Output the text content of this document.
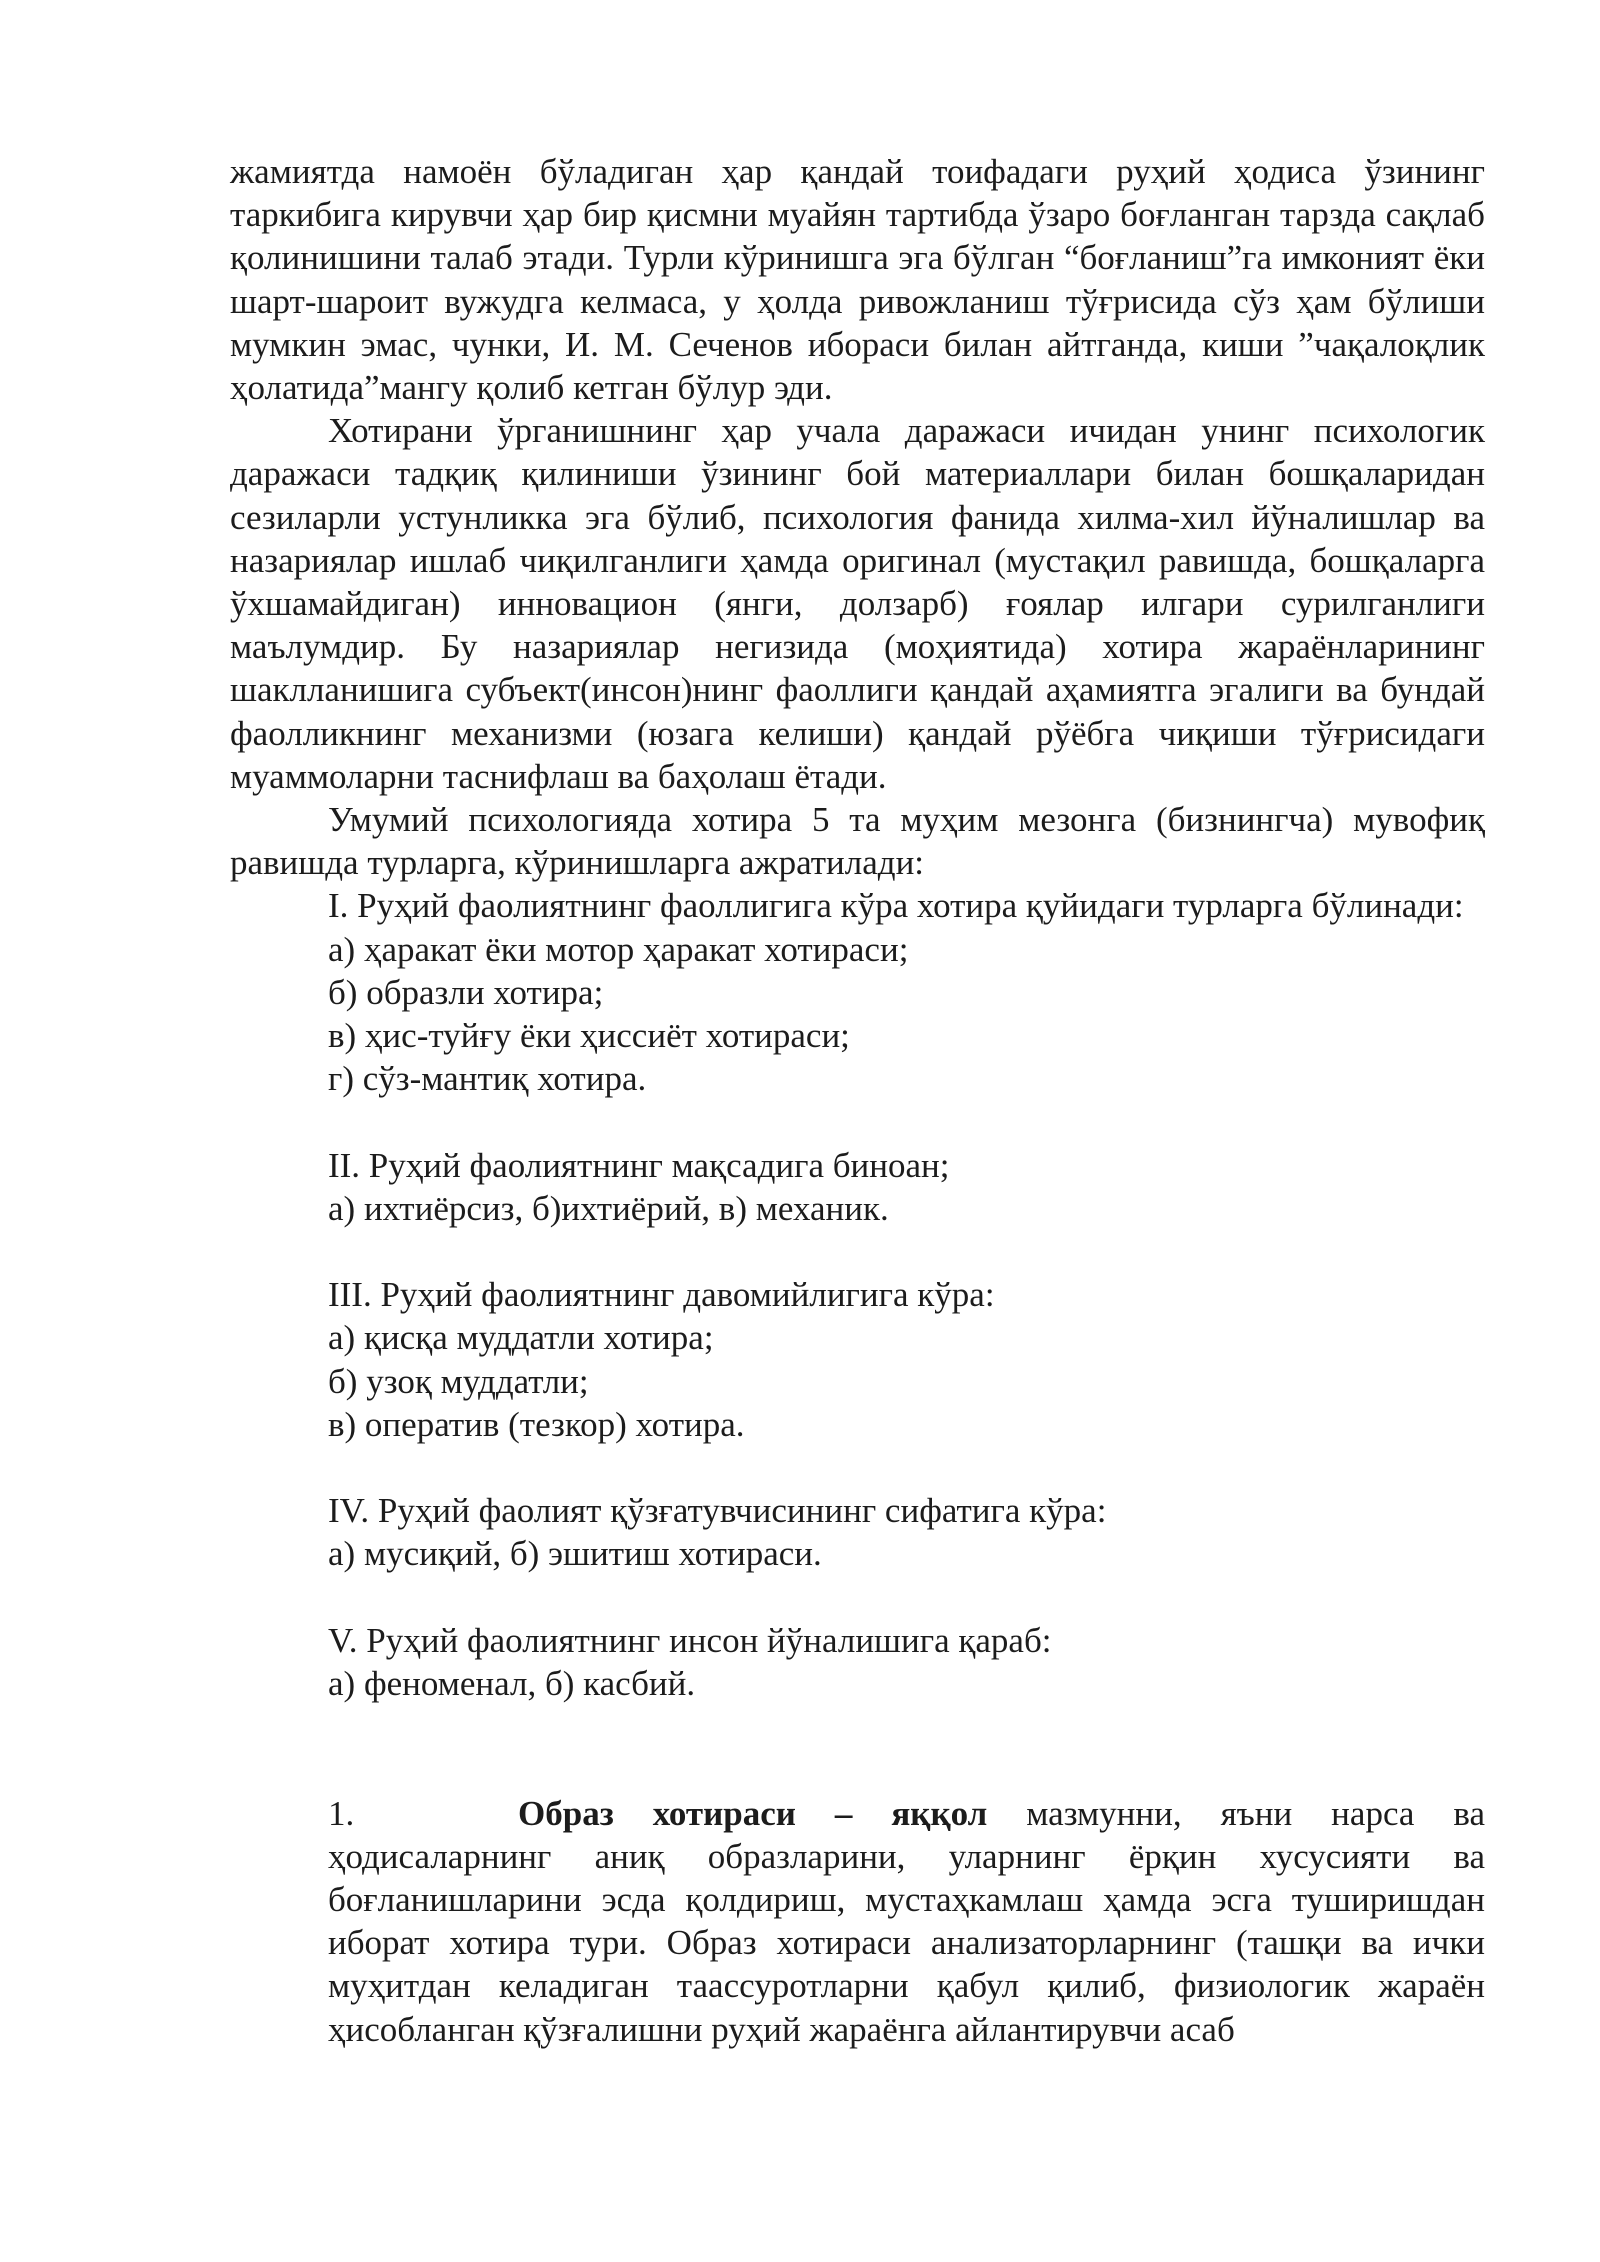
жамиятда намоён бўладиган ҳар қандай тоифадаги руҳий ҳодиса ўзининг таркибига кирувчи ҳар бир қисмни муайян тартибда ўзаро боғланган тарзда сақлаб қолинишини талаб этади. Турли кўринишга эга бўлган “боғланиш”га имконият ёки шарт-шароит вужудга келмаса, у ҳолда ривожланиш тўғрисида сўз ҳам бўлиши мумкин эмас, чунки, И. М. Сеченов ибораси билан айтганда, киши ”чақалоқлик ҳолатида”мангу қолиб кетган бўлур эди.

Хотирани ўрганишнинг ҳар учала даражаси ичидан унинг психологик даражаси тадқиқ қилиниши ўзининг бой материаллари билан бошқаларидан сезиларли устунликка эга бўлиб, психология фанида хилма-хил йўналишлар ва назариялар ишлаб чиқилганлиги ҳамда оригинал (мустақил равишда, бошқаларга ўхшамайдиган) инновацион (янги, долзарб) ғоялар илгари сурилганлиги маълумдир. Бу назариялар негизида (моҳиятида) хотира жараёнларининг шаклланишига субъект(инсон)нинг фаоллиги қандай аҳамиятга эгалиги ва бундай фаолликнинг механизми (юзага келиши) қандай рўёбга чиқиши тўғрисидаги муаммоларни таснифлаш ва баҳолаш ётади.

Умумий психологияда хотира 5 та муҳим мезонга (бизнингча) мувофиқ равишда турларга, кўринишларга ажратилади:

I. Руҳий фаолиятнинг фаоллигига кўра хотира қуйидаги турларга бўлинади:

а) ҳаракат ёки мотор ҳаракат хотираси;

б) образли хотира;

в) ҳис-туйғу ёки ҳиссиёт хотираси;

г) сўз-мантиқ хотира.

II. Руҳий фаолиятнинг мақсадига биноан;

а) ихтиёрсиз, б)ихтиёрий, в) механик.

III. Руҳий фаолиятнинг давомийлигига кўра:

а) қисқа муддатли хотира;

б) узоқ муддатли;

в) оператив (тезкор) хотира.

IV. Руҳий фаолият қўзғатувчисининг сифатига кўра:

а) мусиқий, б) эшитиш хотираси.

V. Руҳий фаолиятнинг инсон йўналишига қараб:

а) феноменал, б) касбий.

1.	Образ хотираси – яққол мазмунни, яъни нарса ва ҳодисаларнинг аниқ образларини, уларнинг ёрқин хусусияти ва боғланишларини эсда қолдириш, мустаҳкамлаш ҳамда эсга туширишдан иборат хотира тури. Образ хотираси анализаторларнинг (ташқи ва ички муҳитдан келадиган таассуротларни қабул қилиб, физиологик жараён ҳисобланган қўзғалишни руҳий жараёнга айлантирувчи асаб
